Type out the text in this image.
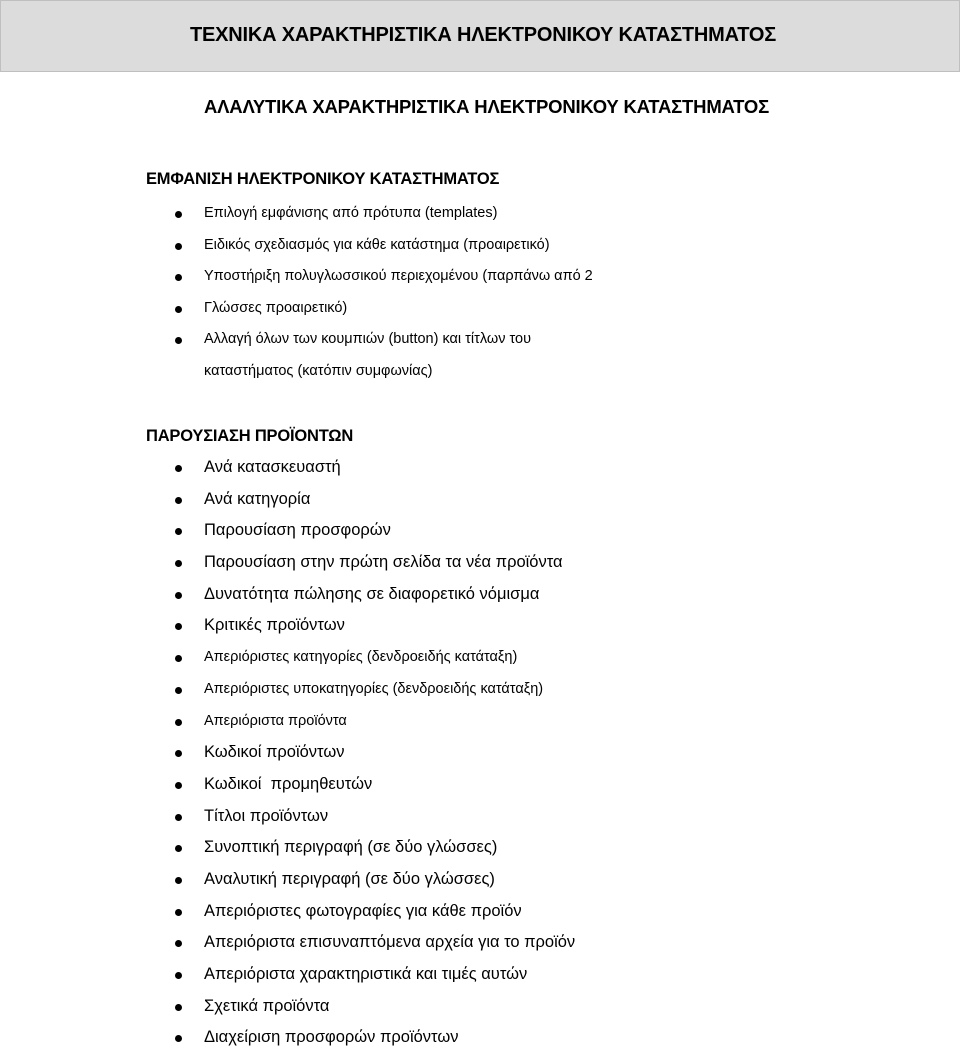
ΤΕΧΝΙΚΑ ΧΑΡΑΚΤΗΡΙΣΤΙΚΑ ΗΛΕΚΤΡΟΝΙΚΟΥ ΚΑΤΑΣΤΗΜΑΤΟΣ
ΑΛΑΛΥΤΙΚΑ ΧΑΡΑΚΤΗΡΙΣΤΙΚΑ ΗΛΕΚΤΡΟΝΙΚΟΥ ΚΑΤΑΣΤΗΜΑΤΟΣ
ΕΜΦΑΝΙΣΗ ΗΛΕΚΤΡΟΝΙΚΟΥ ΚΑΤΑΣΤΗΜΑΤΟΣ
Επιλογή εμφάνισης από πρότυπα (templates)
Ειδικός σχεδιασμός για κάθε κατάστημα (προαιρετικό)
Υποστήριξη πολυγλωσσικού περιεχομένου (παρπάνω από 2
Γλώσσες προαιρετικό)
Αλλαγή όλων των κουμπιών (button) και τίτλων του
καταστήματος (κατόπιν συμφωνίας)
ΠΑΡΟΥΣΙΑΣΗ ΠΡΟΪΟΝΤΩΝ
Ανά κατασκευαστή
Ανά κατηγορία
Παρουσίαση προσφορών
Παρουσίαση στην πρώτη σελίδα τα νέα προϊόντα
Δυνατότητα πώλησης σε διαφορετικό νόμισμα
Κριτικές προϊόντων
Απεριόριστες κατηγορίες (δενδροειδής κατάταξη)
Απεριόριστες υποκατηγορίες (δενδροειδής κατάταξη)
Απεριόριστα προϊόντα
Κωδικοί προϊόντων
Κωδικοί  προμηθευτών
Τίτλοι προϊόντων
Συνοπτική περιγραφή (σε δύο γλώσσες)
Αναλυτική περιγραφή (σε δύο γλώσσες)
Απεριόριστες φωτογραφίες για κάθε προϊόν
Απεριόριστα επισυναπτόμενα αρχεία για το προϊόν
Απεριόριστα χαρακτηριστικά και τιμές αυτών
Σχετικά προϊόντα
Διαχείριση προσφορών προϊόντων
